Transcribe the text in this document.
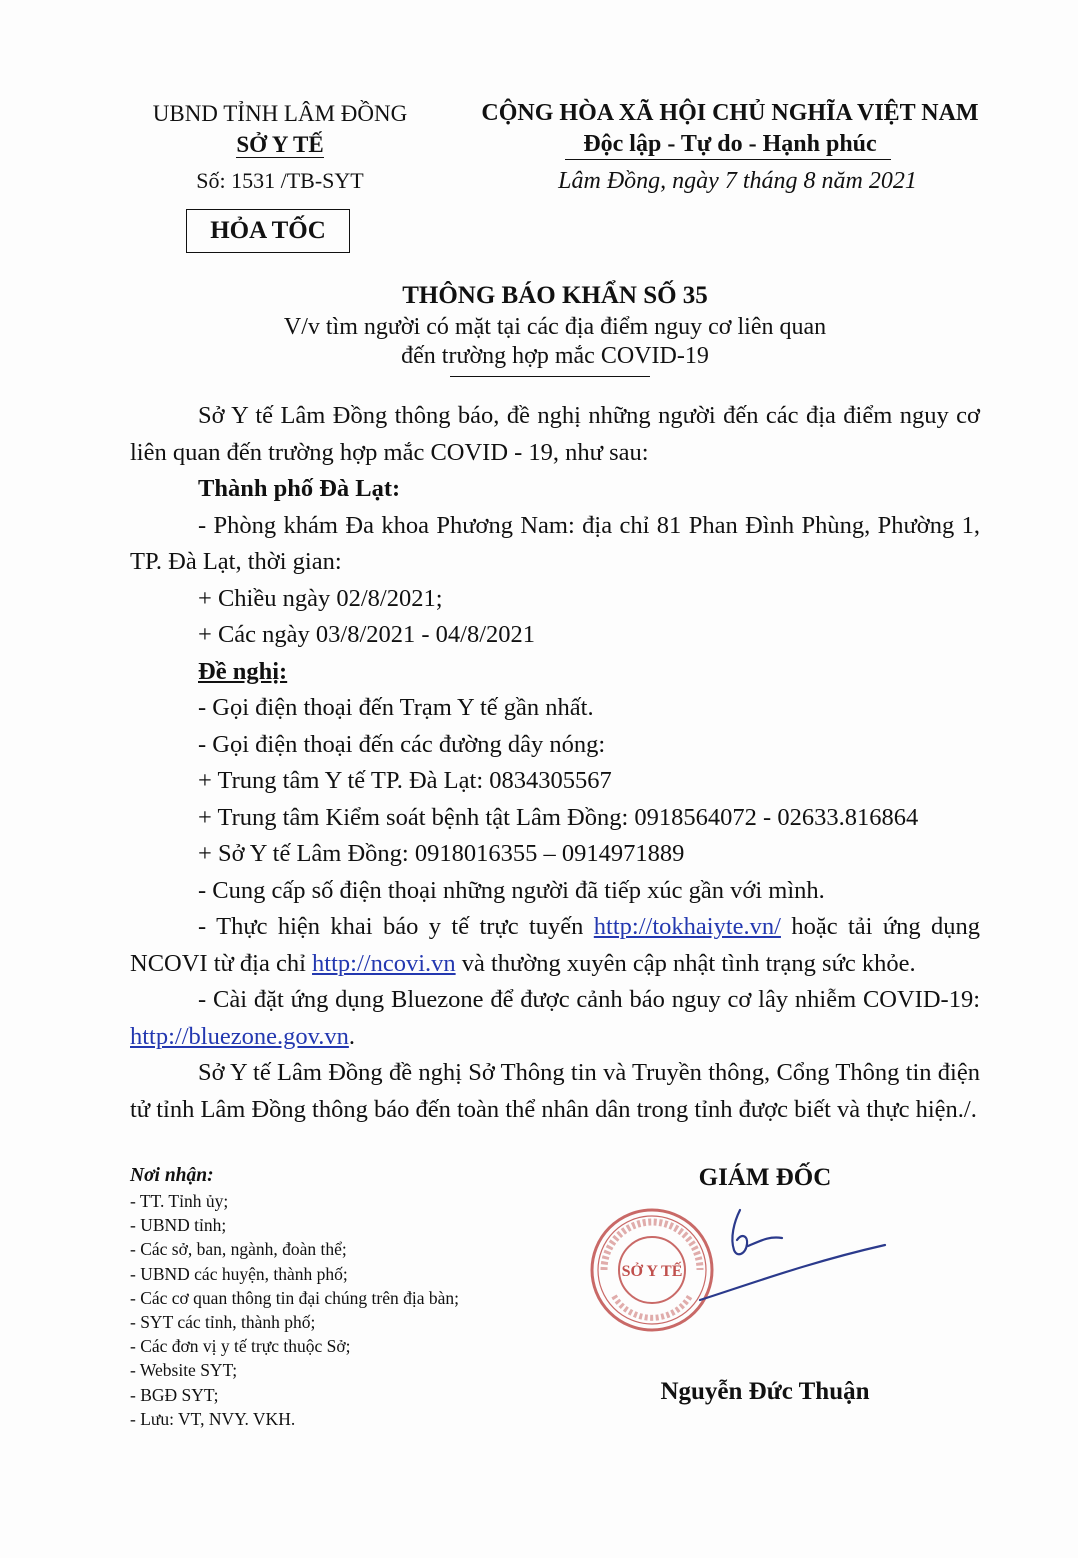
UBND TỈNH LÂM ĐỒNG
SỞ Y TẾ
Số: 1531 /TB-SYT
HỎA TỐC
CỘNG HÒA XÃ HỘI CHỦ NGHĨA VIỆT NAM
Độc lập - Tự do - Hạnh phúc
Lâm Đồng, ngày 7 tháng 8 năm 2021
THÔNG BÁO KHẨN SỐ 35
V/v tìm người có mặt tại các địa điểm nguy cơ liên quan
đến trường hợp mắc COVID-19

Sở Y tế Lâm Đồng thông báo, đề nghị những người đến các địa điểm nguy cơ liên quan đến trường hợp mắc COVID - 19, như sau:

Thành phố Đà Lạt:

- Phòng khám Đa khoa Phương Nam: địa chỉ 81 Phan Đình Phùng, Phường 1, TP. Đà Lạt, thời gian:

+ Chiều ngày 02/8/2021;

+ Các ngày 03/8/2021 - 04/8/2021

Đề nghị:

- Gọi điện thoại đến Trạm Y tế gần nhất.

- Gọi điện thoại đến các đường dây nóng:

+ Trung tâm Y tế TP. Đà Lạt: 0834305567

+ Trung tâm Kiểm soát bệnh tật Lâm Đồng: 0918564072 - 02633.816864

+ Sở Y tế Lâm Đồng: 0918016355 – 0914971889

- Cung cấp số điện thoại những người đã tiếp xúc gần với mình.

- Thực hiện khai báo y tế trực tuyến http://tokhaiyte.vn/ hoặc tải ứng dụng NCOVI từ địa chỉ http://ncovi.vn và thường xuyên cập nhật tình trạng sức khỏe.

- Cài đặt ứng dụng Bluezone để được cảnh báo nguy cơ lây nhiễm COVID-19: http://bluezone.gov.vn.

Sở Y tế Lâm Đồng đề nghị Sở Thông tin và Truyền thông, Cổng Thông tin điện tử tỉnh Lâm Đồng thông báo đến toàn thể nhân dân trong tỉnh được biết và thực hiện./.

Nơi nhận:
- TT. Tỉnh ủy;
- UBND tỉnh;
- Các sở, ban, ngành, đoàn thể;
- UBND các huyện, thành phố;
- Các cơ quan thông tin đại chúng trên địa bàn;
- SYT các tỉnh, thành phố;
- Các đơn vị y tế trực thuộc Sở;
- Website SYT;
- BGĐ SYT;
- Lưu: VT, NVY. VKH.
GIÁM ĐỐC
SỞ Y TẾ
Nguyễn Đức Thuận
